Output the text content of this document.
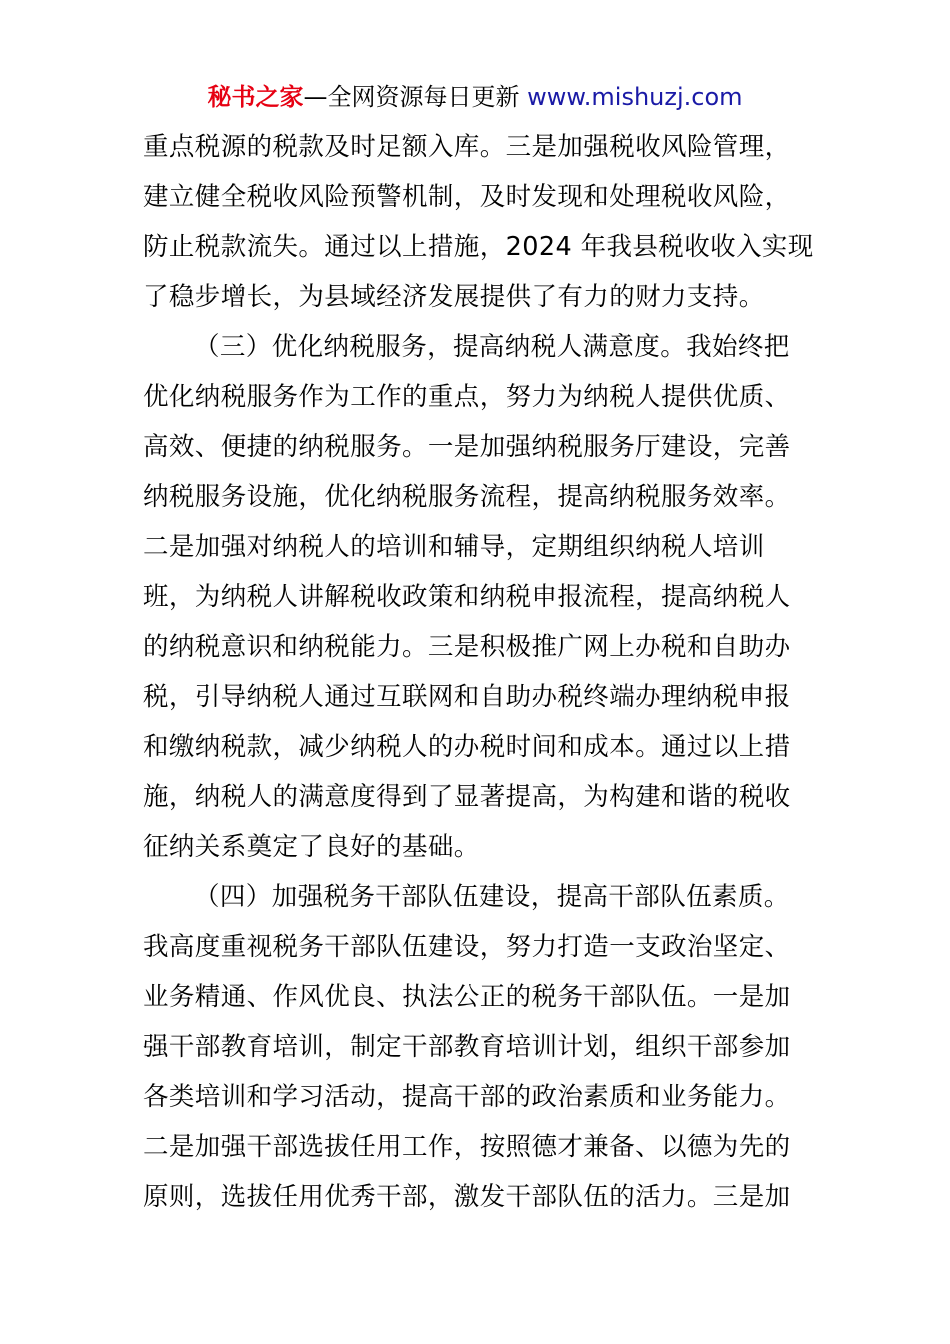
秘书之家—全网资源每日更新 www.mishuzj.com
重点税源的税款及时足额入库。三是加强税收风险管理，
建立健全税收风险预警机制，及时发现和处理税收风险，
防止税款流失。通过以上措施，2024 年我县税收收入实现
了稳步增长，为县域经济发展提供了有力的财力支持。
（三）优化纳税服务，提高纳税人满意度。我始终把
优化纳税服务作为工作的重点，努力为纳税人提供优质、
高效、便捷的纳税服务。一是加强纳税服务厅建设，完善
纳税服务设施，优化纳税服务流程，提高纳税服务效率。
二是加强对纳税人的培训和辅导，定期组织纳税人培训
班，为纳税人讲解税收政策和纳税申报流程，提高纳税人
的纳税意识和纳税能力。三是积极推广网上办税和自助办
税，引导纳税人通过互联网和自助办税终端办理纳税申报
和缴纳税款，减少纳税人的办税时间和成本。通过以上措
施，纳税人的满意度得到了显著提高，为构建和谐的税收
征纳关系奠定了良好的基础。
（四）加强税务干部队伍建设，提高干部队伍素质。
我高度重视税务干部队伍建设，努力打造一支政治坚定、
业务精通、作风优良、执法公正的税务干部队伍。一是加
强干部教育培训，制定干部教育培训计划，组织干部参加
各类培训和学习活动，提高干部的政治素质和业务能力。
二是加强干部选拔任用工作，按照德才兼备、以德为先的
原则，选拔任用优秀干部，激发干部队伍的活力。三是加
